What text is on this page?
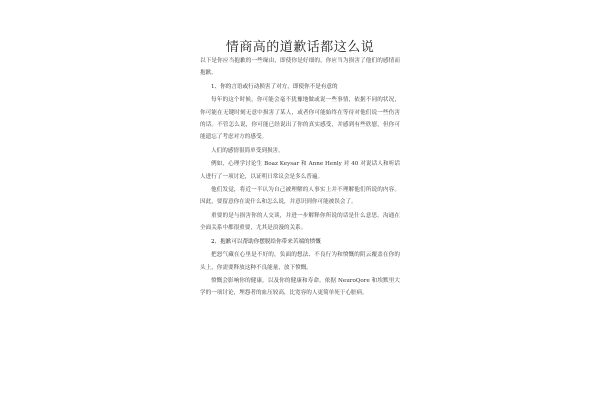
情商高的道歉话都这么说

以下是你应当抱歉的一些缘由，即使你是好细的，你应当为损害了他们的感情而抱歉。

1、你的言语或行动损害了对方，即使你不是有意的

每年的这个时候，你可能会毫不犹豫地做或说一些事情，依据不同的状况，你可能在无键时刻无意中损害了某人，或者你可能始终在等待对他们说一些伤害的话。不管怎么说，你可能已经说出了你的真实感受，并感到有些欣慰，但你可能遗忘了考虑对方的感受。

人们的感情很简单受到损害。

例如，心理学讨论生 Boaz Keysar 和 Anne Henly 对 40 对说话人和听话人进行了一项讨论，以证明日常议会是多么普遍。

他们发觉，将近一半认为自己被理解的人事实上并不理解他们所说的内容。因此，要留意你在说什么和怎么说，并意识到你可能被误会了。

重要的是与损害你的人交谈，并进一步解释你所说的话是什么意思。沟通在全面关系中都很重要，尤其是浪漫的关系。

2、抱歉可以帮助你摆脱给你带来苦端的愤慨

把怒气藏在心里是不好的，负面的想法、不良行为和愤慨的阴云覆盖在你的头上，你需要释放这种不良能量，放下愤慨。

愤慨会影响你的健康，以及你的健康和寿命。依据 NeuroQore 和埃默里大学的一项讨论，埋怨者的血压较高，比宽容的人更简单死于心脏病。
